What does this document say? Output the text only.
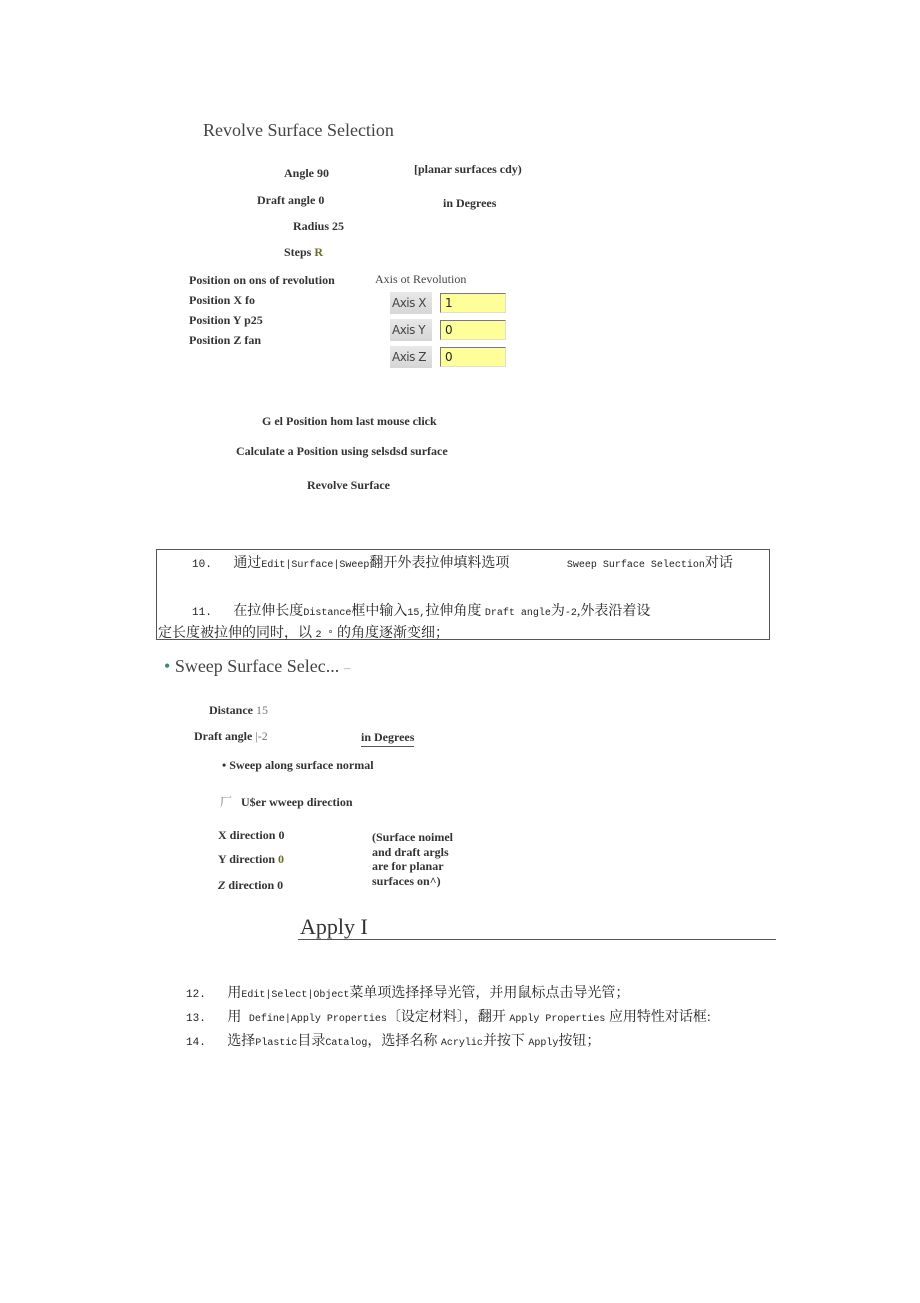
Revolve Surface Selection
Angle 90	[planar surfaces cdy)
Draft angle 0	in Degrees
Radius 25
Steps R
Position on ons of revolution
Position X fo
Position Y p25
Position Z fan
Axis ot Revolution
Axis X	1
Axis Y	0
Axis Z	0
G el Position hom last mouse click
Calculate a Position using selsdsd surface
Revolve Surface
10. 通过Edit|Surface|Sweep翻开外表拉伸填料选项	Sweep Surface Selection对话
11. 在拉伸长度Distance框中输入15,拉伸角度 Draft angle为-2,外表沿着设
定长度被拉伸的同时，以 2 ° 的角度逐渐变细；
• Sweep Surface Selec... –
Distance 15
Draft angle |-2	in Degrees
• Sweep along surface normal
厂 U$er wweep direction
X direction 0
Y direction 0
Z direction 0
(Surface noimel
and draft argls
are for planar
surfaces on^)
Apply I
12. 用Edit|Select|Object菜单项选择择导光管，并用鼠标点击导光管；
13. 用 Define|Apply Properties〔设定材料〕，翻开 Apply Properties 应用特性对话框:
14. 选择Plastic目录Catalog，选择名称 Acrylic并按下 Apply按钮；
